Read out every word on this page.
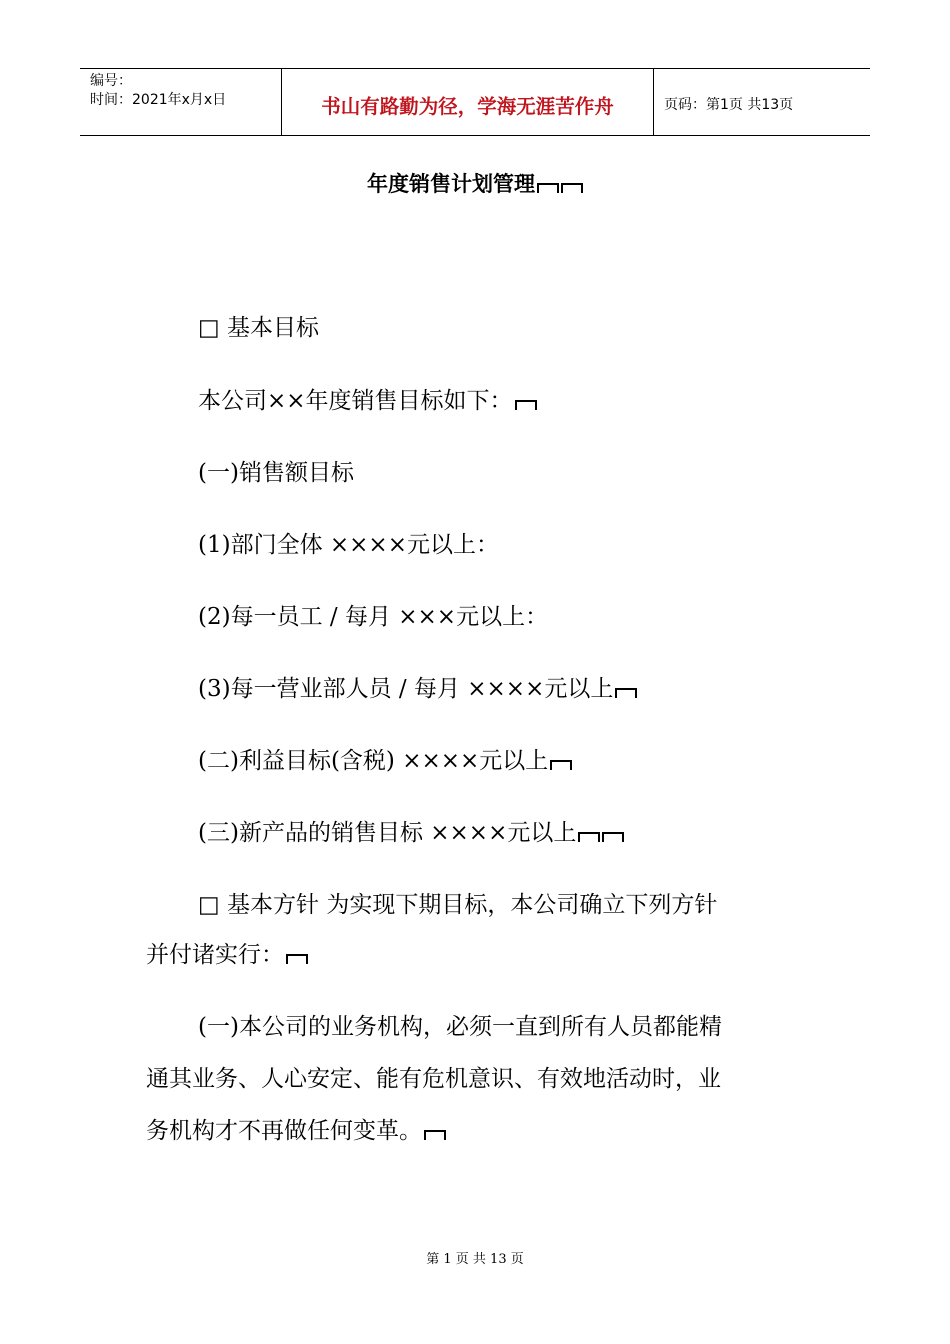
编号：
时间：2021年x月x日	书山有路勤为径，学海无涯苦作舟	页码：第1页 共13页
年度销售计划管理
□ 基本目标
本公司××年度销售目标如下：
(一)销售额目标
(1)部门全体 ××××元以上：
(2)每一员工 / 每月 ×××元以上：
(3)每一营业部人员 / 每月 ××××元以上
(二)利益目标(含税) ××××元以上
(三)新产品的销售目标 ××××元以上
□ 基本方针 为实现下期目标，本公司确立下列方针
并付诸实行：
(一)本公司的业务机构，必须一直到所有人员都能精
通其业务、人心安定、能有危机意识、有效地活动时，业
务机构才不再做任何变革。
第 1 页 共 13 页
